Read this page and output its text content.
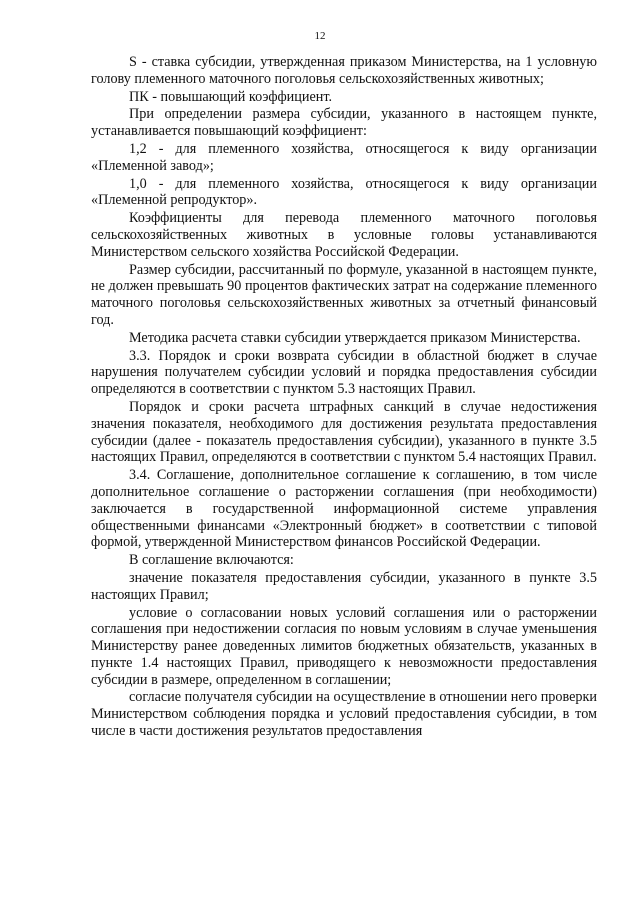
12

S - ставка субсидии, утвержденная приказом Министерства, на 1 условную голову племенного маточного поголовья сельскохозяйственных животных;

ПК - повышающий коэффициент.

При определении размера субсидии, указанного в настоящем пункте, устанавливается повышающий коэффициент:

1,2 - для племенного хозяйства, относящегося к виду организации «Племенной завод»;

1,0 - для племенного хозяйства, относящегося к виду организации «Племенной репродуктор».

Коэффициенты для перевода племенного маточного поголовья сельскохозяйственных животных в условные головы устанавливаются Министерством сельского хозяйства Российской Федерации.

Размер субсидии, рассчитанный по формуле, указанной в настоящем пункте, не должен превышать 90 процентов фактических затрат на содержание племенного маточного поголовья сельскохозяйственных животных за отчетный финансовый год.

Методика расчета ставки субсидии утверждается приказом Министерства.

3.3. Порядок и сроки возврата субсидии в областной бюджет в случае нарушения получателем субсидии условий и порядка предоставления субсидии определяются в соответствии с пунктом 5.3 настоящих Правил.

Порядок и сроки расчета штрафных санкций в случае недостижения значения показателя, необходимого для достижения результата предоставления субсидии (далее - показатель предоставления субсидии), указанного в пункте 3.5 настоящих Правил, определяются в соответствии с пунктом 5.4 настоящих Правил.

3.4. Соглашение, дополнительное соглашение к соглашению, в том числе дополнительное соглашение о расторжении соглашения (при необходимости) заключается в государственной информационной системе управления общественными финансами «Электронный бюджет» в соответствии с типовой формой, утвержденной Министерством финансов Российской Федерации.

В соглашение включаются:

значение показателя предоставления субсидии, указанного в пункте 3.5 настоящих Правил;

условие о согласовании новых условий соглашения или о расторжении соглашения при недостижении согласия по новым условиям в случае уменьшения Министерству ранее доведенных лимитов бюджетных обязательств, указанных в пункте 1.4 настоящих Правил, приводящего к невозможности предоставления субсидии в размере, определенном в соглашении;

согласие получателя субсидии на осуществление в отношении него проверки Министерством соблюдения порядка и условий предоставления субсидии, в том числе в части достижения результатов предоставления
